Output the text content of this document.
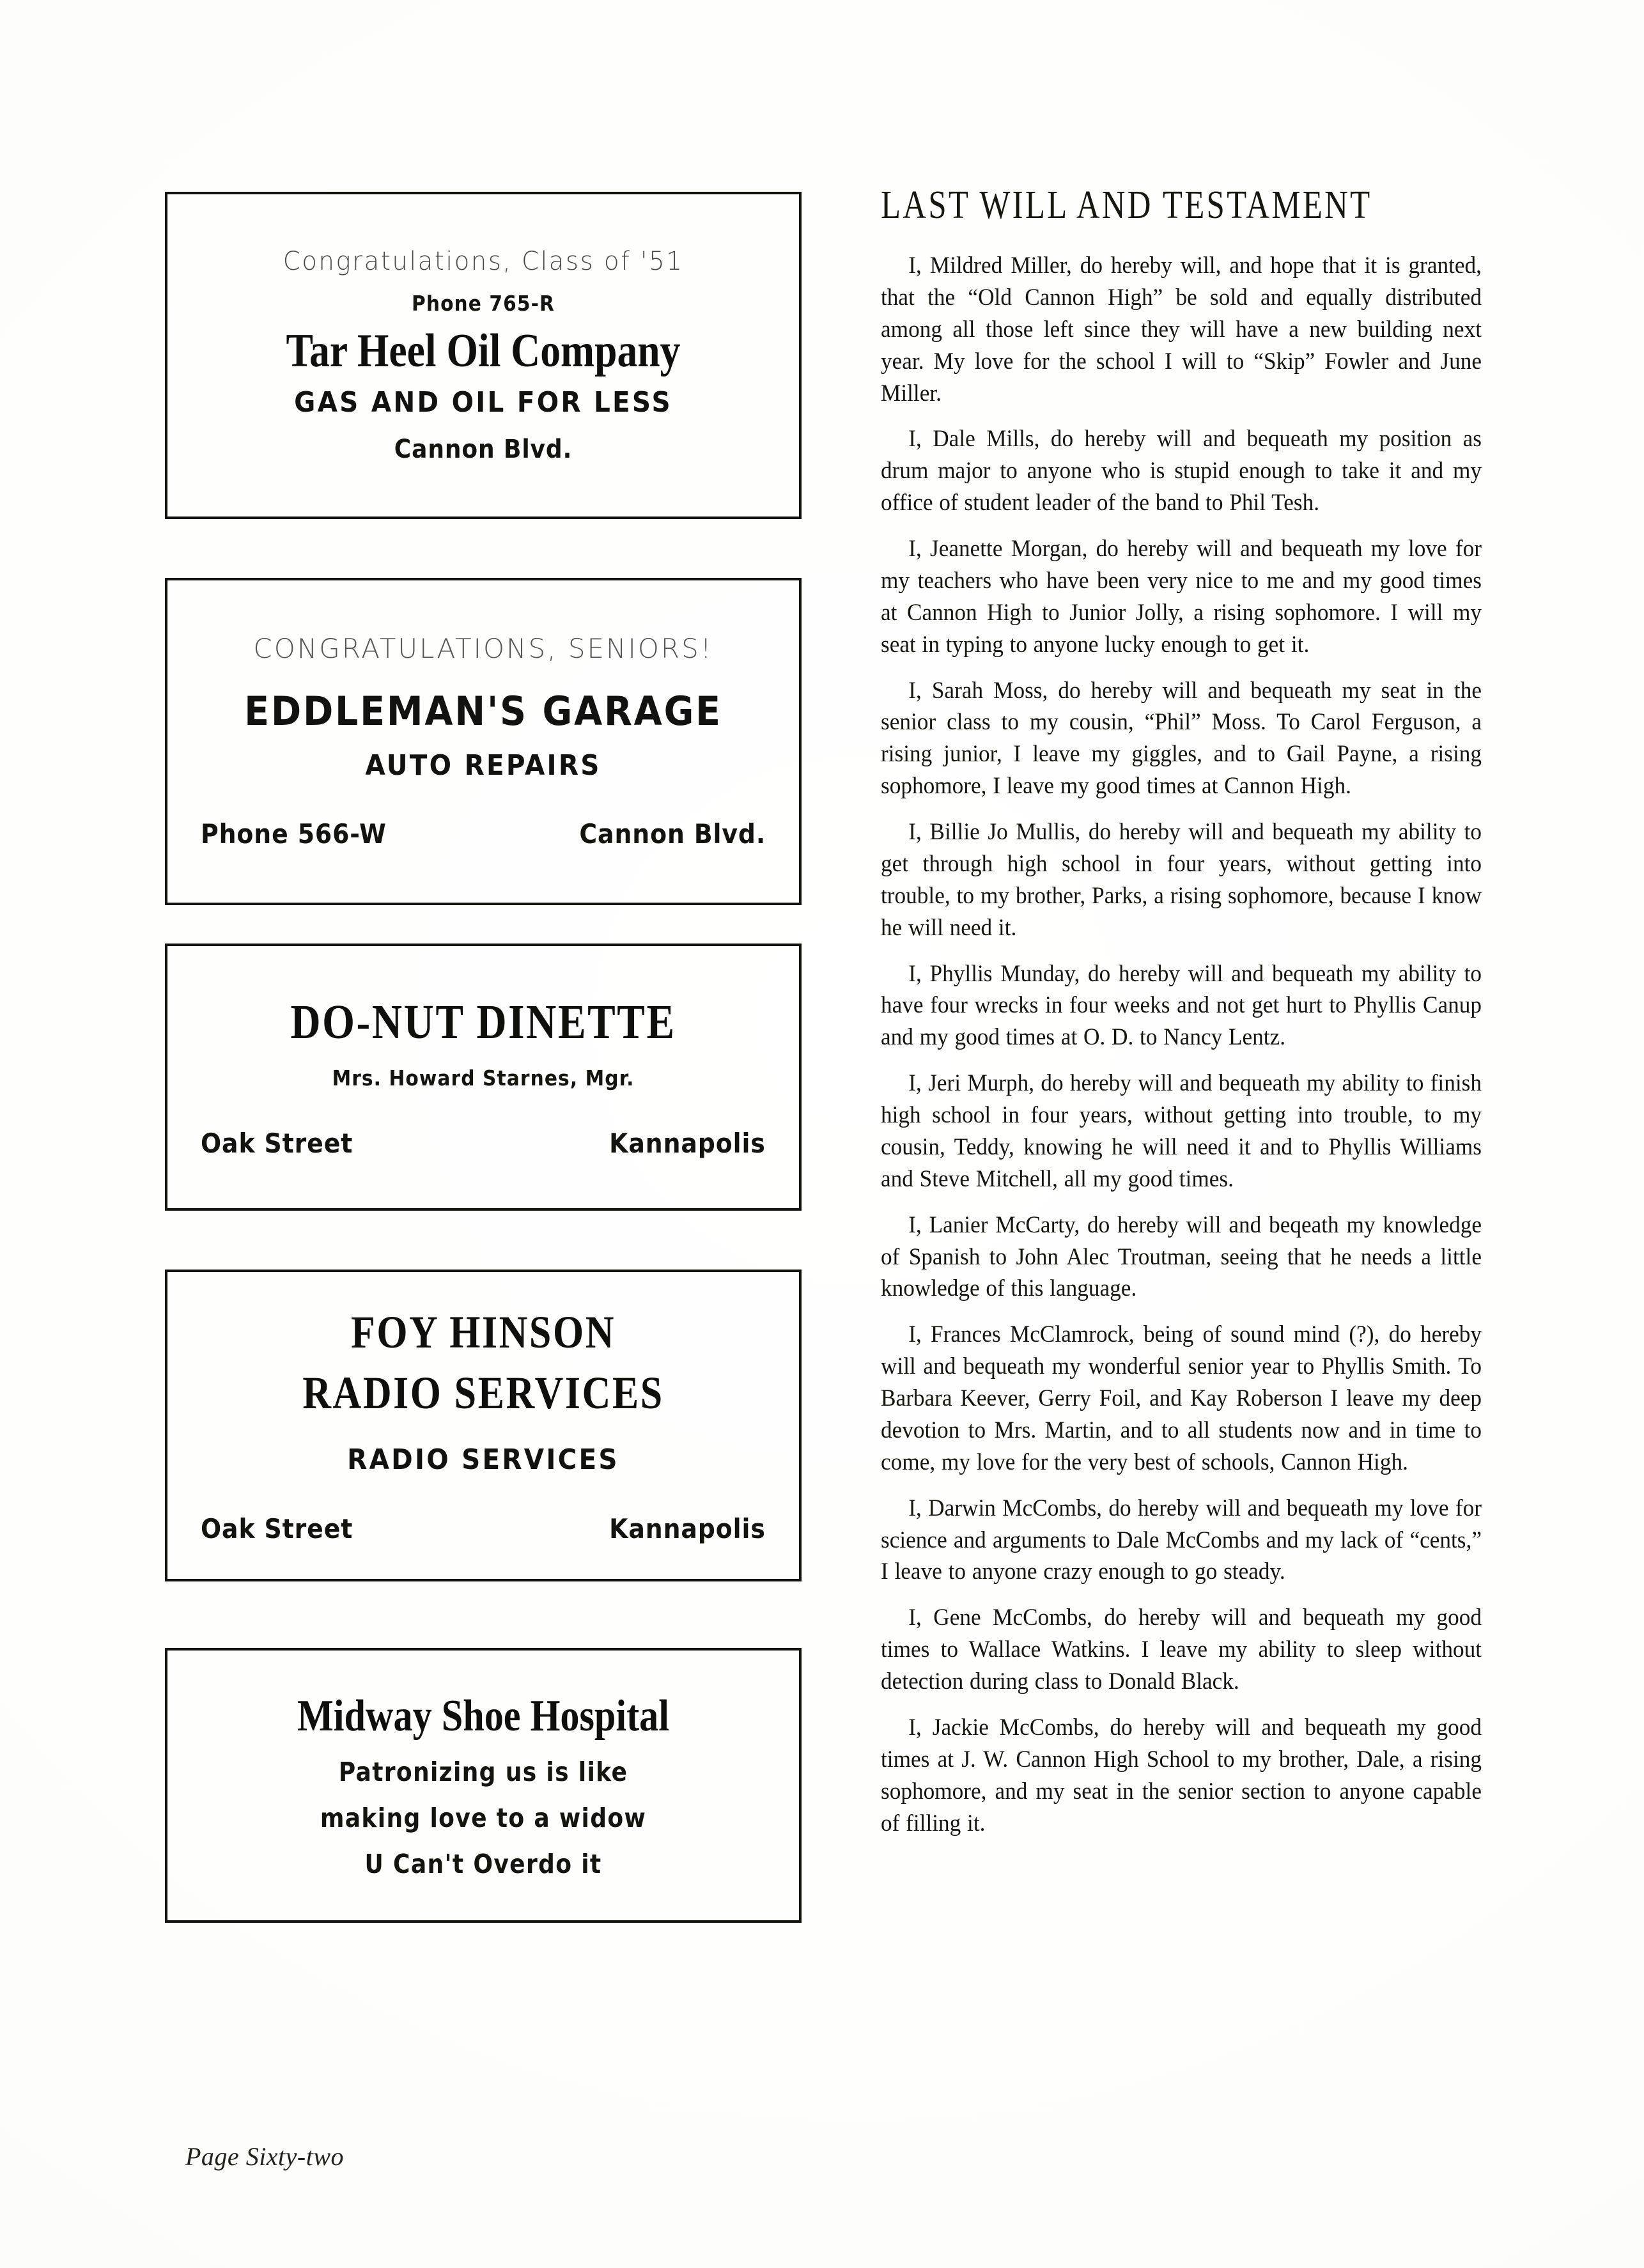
Congratulations, Class of '51
Phone 765-R
Tar Heel Oil Company
GAS AND OIL FOR LESS
Cannon Blvd.
CONGRATULATIONS, SENIORS!
EDDLEMAN'S GARAGE
AUTO REPAIRS
Phone 566-W	Cannon Blvd.
DO-NUT DINETTE
Mrs. Howard Starnes, Mgr.
Oak Street	Kannapolis
FOY HINSON
RADIO SERVICES
RADIO SERVICES
Oak Street	Kannapolis
Midway Shoe Hospital
Patronizing us is like
making love to a widow
U Can't Overdo it
LAST WILL AND TESTAMENT

I, Mildred Miller, do hereby will, and hope that it is granted, that the “Old Cannon High” be sold and equally distributed among all those left since they will have a new building next year. My love for the school I will to “Skip” Fowler and June Miller.

I, Dale Mills, do hereby will and bequeath my position as drum major to anyone who is stupid enough to take it and my office of student leader of the band to Phil Tesh.

I, Jeanette Morgan, do hereby will and bequeath my love for my teachers who have been very nice to me and my good times at Cannon High to Junior Jolly, a rising sophomore. I will my seat in typing to anyone lucky enough to get it.

I, Sarah Moss, do hereby will and bequeath my seat in the senior class to my cousin, “Phil” Moss. To Carol Ferguson, a rising junior, I leave my giggles, and to Gail Payne, a rising sophomore, I leave my good times at Cannon High.

I, Billie Jo Mullis, do hereby will and bequeath my ability to get through high school in four years, without getting into trouble, to my brother, Parks, a rising sophomore, because I know he will need it.

I, Phyllis Munday, do hereby will and bequeath my ability to have four wrecks in four weeks and not get hurt to Phyllis Canup and my good times at O. D. to Nancy Lentz.

I, Jeri Murph, do hereby will and bequeath my ability to finish high school in four years, without getting into trouble, to my cousin, Teddy, knowing he will need it and to Phyllis Williams and Steve Mitchell, all my good times.

I, Lanier McCarty, do hereby will and beqeath my knowledge of Spanish to John Alec Troutman, seeing that he needs a little knowledge of this language.

I, Frances McClamrock, being of sound mind (?), do hereby will and bequeath my wonderful senior year to Phyllis Smith. To Barbara Keever, Gerry Foil, and Kay Roberson I leave my deep devotion to Mrs. Martin, and to all students now and in time to come, my love for the very best of schools, Cannon High.

I, Darwin McCombs, do hereby will and bequeath my love for science and arguments to Dale McCombs and my lack of “cents,” I leave to anyone crazy enough to go steady.

I, Gene McCombs, do hereby will and bequeath my good times to Wallace Watkins. I leave my ability to sleep without detection during class to Donald Black.

I, Jackie McCombs, do hereby will and bequeath my good times at J. W. Cannon High School to my brother, Dale, a rising sophomore, and my seat in the senior section to anyone capable of filling it.

Page Sixty-two
